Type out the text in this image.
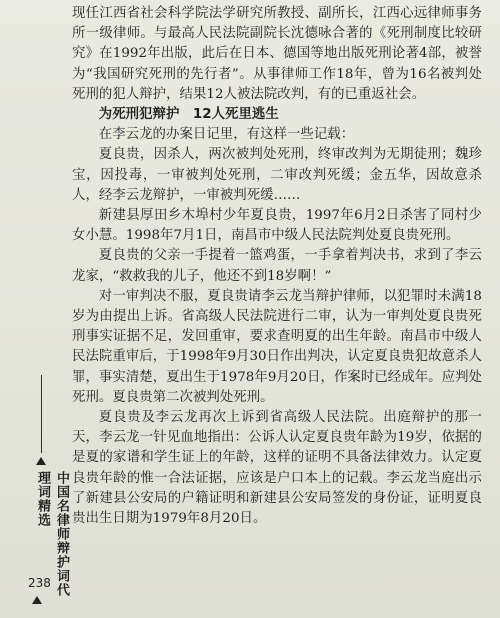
现任江西省社会科学院法学研究所教授、副所长，江西心远律师事务所一级律师。与最高人民法院副院长沈德咏合著的《死刑制度比较研究》在1992年出版，此后在日本、德国等地出版死刑论著4部，被誉为“我国研究死刑的先行者”。从事律师工作18年，曾为16名被判处死刑的犯人辩护，结果12人被法院改判，有的已重返社会。

为死刑犯辩护　12人死里逃生

在李云龙的办案日记里，有这样一些记载：

夏良贵，因杀人，两次被判处死刑，终审改判为无期徒刑；魏珍宝，因投毒，一审被判处死刑，二审改判死缓；金五华，因故意杀人，经李云龙辩护，一审被判死缓……

新建县厚田乡木埠村少年夏良贵，1997年6月2日杀害了同村少女小慧。1998年7月1日，南昌市中级人民法院判处夏良贵死刑。

夏良贵的父亲一手提着一篮鸡蛋，一手拿着判决书，求到了李云龙家，“救救我的儿子，他还不到18岁啊！”

对一审判决不服，夏良贵请李云龙当辩护律师，以犯罪时未满18岁为由提出上诉。省高级人民法院进行二审，认为一审判处夏良贵死刑事实证据不足，发回重审，要求查明夏的出生年龄。南昌市中级人民法院重审后，于1998年9月30日作出判决，认定夏良贵犯故意杀人罪，事实清楚，夏出生于1978年9月20日，作案时已经成年。应判处死刑。夏良贵第二次被判处死刑。

夏良贵及李云龙再次上诉到省高级人民法院。出庭辩护的那一天，李云龙一针见血地指出：公诉人认定夏良贵年龄为19岁，依据的是夏的家谱和学生证上的年龄，这样的证明不具备法律效力。认定夏良贵年龄的惟一合法证据，应该是户口本上的记载。李云龙当庭出示了新建县公安局的户籍证明和新建县公安局签发的身份证，证明夏良贵出生日期为1979年8月20日。

中国名律师辩护词代理词精选
238
